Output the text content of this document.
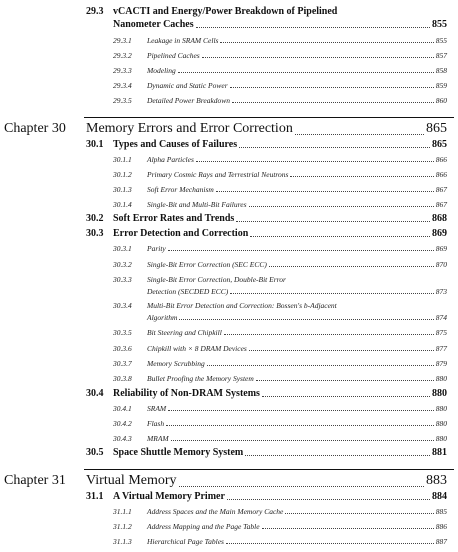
29.3 vCACTI and Energy/Power Breakdown of Pipelined
Nanometer Caches	855
29.3.1 Leakage in SRAM Cells	855
29.3.2 Pipelined Caches	857
29.3.3 Modeling	858
29.3.4 Dynamic and Static Power	859
29.3.5 Detailed Power Breakdown	860
Chapter 30 Memory Errors and Error Correction	865
30.1 Types and Causes of Failures	865
30.1.1 Alpha Particles	866
30.1.2 Primary Cosmic Rays and Terrestrial Neutrons	866
30.1.3 Soft Error Mechanism	867
30.1.4 Single-Bit and Multi-Bit Failures	867
30.2 Soft Error Rates and Trends	868
30.3 Error Detection and Correction	869
30.3.1 Parity	869
30.3.2 Single-Bit Error Correction (SEC ECC)	870
30.3.3 Single-Bit Error Correction, Double-Bit Error
Detection (SECDED ECC)	873
30.3.4 Multi-Bit Error Detection and Correction: Bossen's b-Adjacent
Algorithm	874
30.3.5 Bit Steering and Chipkill	875
30.3.6 Chipkill with × 8 DRAM Devices	877
30.3.7 Memory Scrubbing	879
30.3.8 Bullet Proofing the Memory System	880
30.4 Reliability of Non-DRAM Systems	880
30.4.1 SRAM	880
30.4.2 Flash	880
30.4.3 MRAM	880
30.5 Space Shuttle Memory System	881
Chapter 31 Virtual Memory	883
31.1 A Virtual Memory Primer	884
31.1.1 Address Spaces and the Main Memory Cache	885
31.1.2 Address Mapping and the Page Table	886
31.1.3 Hierarchical Page Tables	887
